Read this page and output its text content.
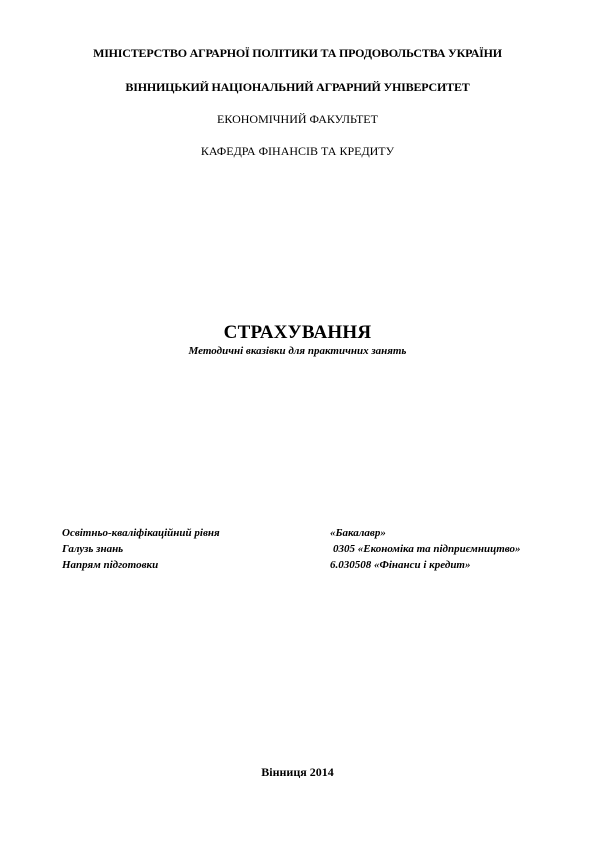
МІНІСТЕРСТВО АГРАРНОЇ ПОЛІТИКИ ТА ПРОДОВОЛЬСТВА УКРАЇНИ
ВІННИЦЬКИЙ НАЦІОНАЛЬНИЙ АГРАРНИЙ УНІВЕРСИТЕТ
ЕКОНОМІЧНИЙ ФАКУЛЬТЕТ
КАФЕДРА ФІНАНСІВ ТА КРЕДИТУ
СТРАХУВАННЯ
Методичні вказівки для практичних занять
Освітньо-кваліфікаційний рівня	«Бакалавр»
Галузь знань	0305 «Економіка та підприємництво»
Напрям підготовки	6.030508 «Фінанси і кредит»
Вінниця 2014
